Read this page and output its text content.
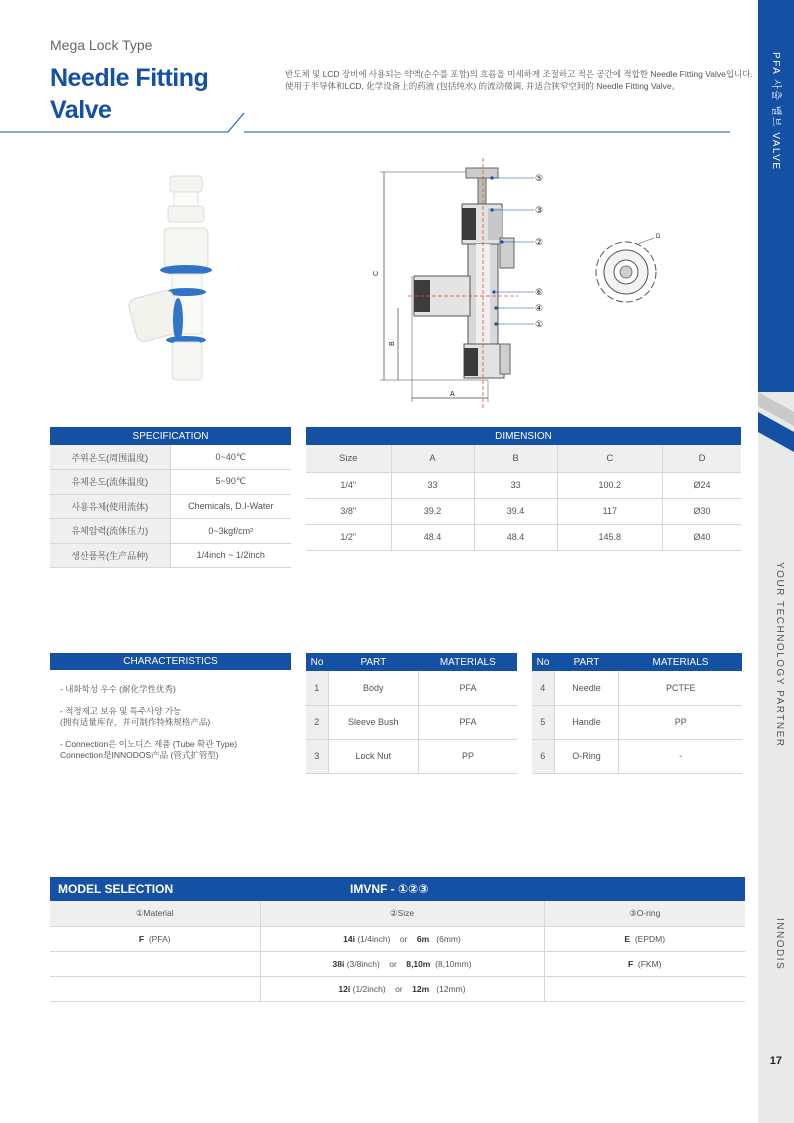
PFA 사출 밸브 VALVE
YOUR TECHNOLOGY PARTNER
INNODIS
17
Mega Lock Type
Needle Fitting
Valve
반도체 및 LCD 장비에 사용되는 약액(순수를 포함)의 흐름을 미세하게 조절하고 적은 공간에 적합한 Needle Fitting Valve입니다.
使用于半导体和LCD, 化学设备上的药液 (包括纯水) 的流动微调, 并适合狭窄空间的 Needle Fitting Valve。
C
B
A
⑤
③
②
⑥
④
①
D
SPECIFICATION	
주위온도(周围温度)	0~40℃
유체온도(流体温度)	5~90℃
사용유체(使用流体)	Chemicals, D.I-Water
유체압력(流体压力)	0~3kgf/cm²
생산품목(生产品种)	1/4inch ~ 1/2inch
DIMENSION				
Size	A	B	C	D
1/4"	33	33	100.2	Ø24
3/8"	39.2	39.4	117	Ø30
1/2"	48.4	48.4	145.8	Ø40
CHARACTERISTICS

- 내화학성 우수 (耐化学性优秀)

- 적정재고 보유 및 특주사양 가능
(拥有适量库存，并可制作特殊规格产品)

- Connection은 이노디스 제품 (Tube 확관 Type)
Connection是INNODOS产品 (管式扩管型)

No	PART	MATERIALS
1	Body	PFA
2	Sleeve Bush	PFA
3	Lock Nut	PP
No	PART	MATERIALS
4	Needle	PCTFE
5	Handle	PP
6	O-Ring	-
MODEL SELECTION	IMVNF - ①②③
①Material	②Size	③O-ring
F (PFA)	14i (1/4inch) or 6m (6mm)	E (EPDM)
	38i (3/8inch) or 8,10m (8,10mm)	F (FKM)
	12i (1/2inch) or 12m (12mm)	
